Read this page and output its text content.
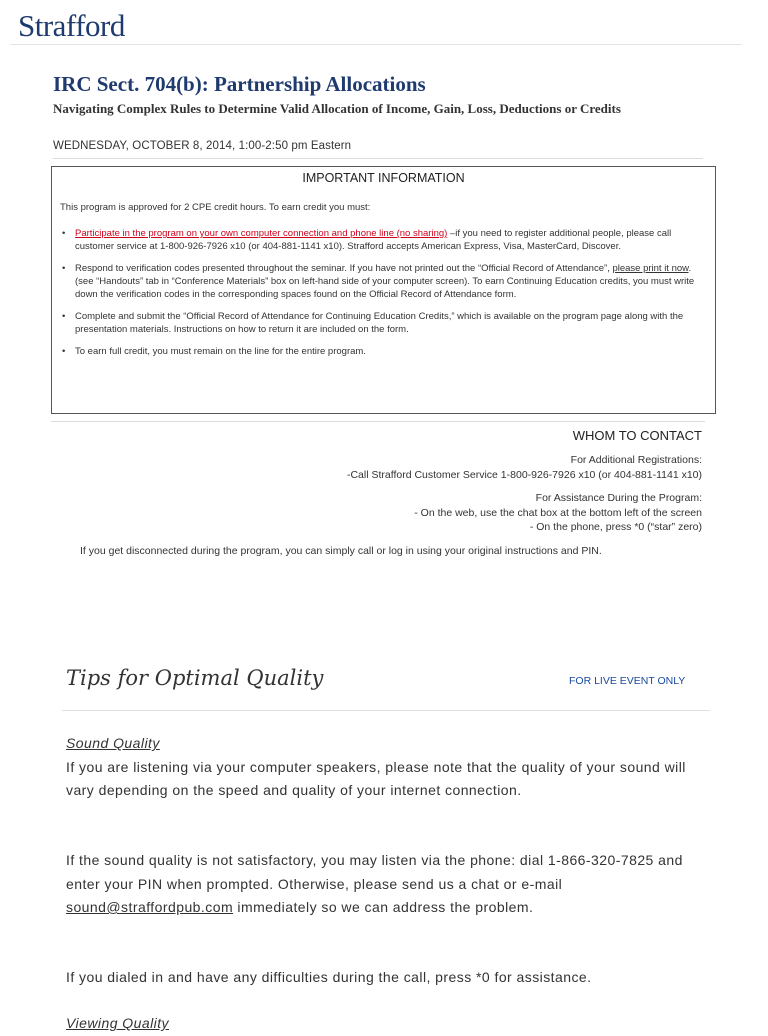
Strafford
IRC Sect. 704(b): Partnership Allocations
Navigating Complex Rules to Determine Valid Allocation of Income, Gain, Loss, Deductions or Credits
WEDNESDAY, OCTOBER 8, 2014, 1:00-2:50 pm Eastern
IMPORTANT INFORMATION
This program is approved for 2 CPE credit hours. To earn credit you must:
• Participate in the program on your own computer connection and phone line (no sharing) –if you need to register additional people, please call customer service at 1-800-926-7926 x10 (or 404-881-1141 x10). Strafford accepts American Express, Visa, MasterCard, Discover.
• Respond to verification codes presented throughout the seminar. If you have not printed out the “Official Record of Attendance”, please print it now. (see “Handouts” tab in “Conference Materials” box on left-hand side of your computer screen). To earn Continuing Education credits, you must write down the verification codes in the corresponding spaces found on the Official Record of Attendance form.
• Complete and submit the “Official Record of Attendance for Continuing Education Credits,” which is available on the program page along with the presentation materials. Instructions on how to return it are included on the form.
• To earn full credit, you must remain on the line for the entire program.
WHOM TO CONTACT
For Additional Registrations:
-Call Strafford Customer Service 1-800-926-7926 x10 (or 404-881-1141 x10)
For Assistance During the Program:
- On the web, use the chat box at the bottom left of the screen
- On the phone, press *0 (“star” zero)
If you get disconnected during the program, you can simply call or log in using your original instructions and PIN.
Tips for Optimal Quality	FOR LIVE EVENT ONLY
Sound Quality
If you are listening via your computer speakers, please note that the quality of your sound will vary depending on the speed and quality of your internet connection.
If the sound quality is not satisfactory, you may listen via the phone: dial 1-866-320-7825 and enter your PIN when prompted. Otherwise, please send us a chat or e-mail sound@straffordpub.com immediately so we can address the problem.
If you dialed in and have any difficulties during the call, press *0 for assistance.
Viewing Quality
